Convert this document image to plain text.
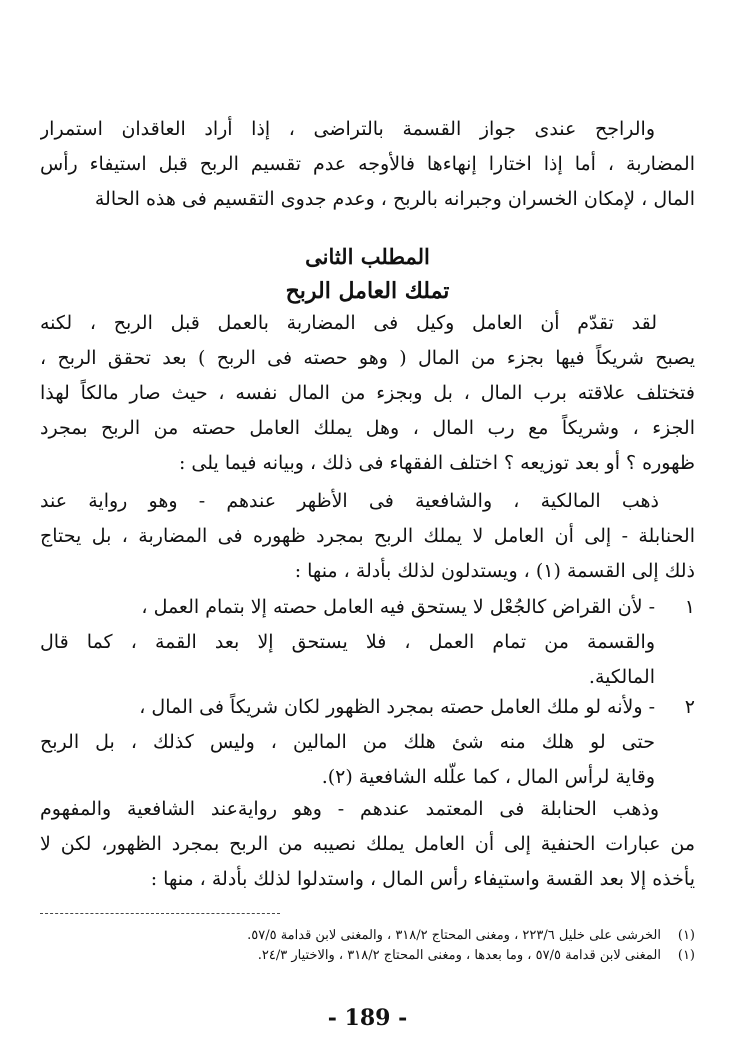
والراجح عندى جواز القسمة بالتراضى ، إذا أراد العاقدان استمرار
المضاربة ، أما إذا اختارا إنهاءها فالأوجه عدم تقسيم الربح قبل استيفاء رأس
المال ، لإمكان الخسران وجبرانه بالربح ، وعدم جدوى التقسيم فى هذه الحالة
المطلب الثانى
تملك العامل الربح
لقد تقدّم أن العامل وكيل فى المضاربة بالعمل قبل الربح ، لكنه
يصبح شريكاً فيها بجزء من المال ( وهو حصته فى الربح ) بعد تحقق الربح ،
فتختلف علاقته برب المال ، بل وبجزء من المال نفسه ، حيث صار مالكاً لهذا
الجزء ، وشريكاً مع رب المال ، وهل يملك العامل حصته من الربح بمجرد
ظهوره ؟ أو بعد توزيعه ؟ اختلف الفقهاء فى ذلك ، وبيانه فيما يلى :
ذهب المالكية ، والشافعية فى الأظهر عندهم - وهو رواية عند
الحنابلة - إلى أن العامل لا يملك الربح بمجرد ظهوره فى المضاربة ، بل يحتاج
ذلك إلى القسمة (١) ، ويستدلون لذلك بأدلة ، منها :
١- لأن القراض كالجُعْل لا يستحق فيه العامل حصته إلا بتمام العمل ،
والقسمة من تمام العمل ، فلا يستحق إلا بعد القمة ، كما قال
المالكية.
٢- ولأنه لو ملك العامل حصته بمجرد الظهور لكان شريكاً فى المال ،
حتى لو هلك منه شئ هلك من المالين ، وليس كذلك ، بل الربح
وقاية لرأس المال ، كما علّله الشافعية (٢).
وذهب الحنابلة فى المعتمد عندهم - وهو روايةعند الشافعية والمفهوم
من عبارات الحنفية إلى أن العامل يملك نصيبه من الربح بمجرد الظهور، لكن لا
يأخذه إلا بعد القسة واستيفاء رأس المال ، واستدلوا لذلك بأدلة ، منها :
(١)الخرشى على خليل ٢٢٣/٦ ، ومغنى المحتاج ٣١٨/٢ ، والمغنى لابن قدامة ٥٧/٥.
(١)المغنى لابن قدامة ٥٧/٥ ، وما بعدها ، ومغنى المحتاج ٣١٨/٢ ، والاختيار ٢٤/٣.
- 189 -
